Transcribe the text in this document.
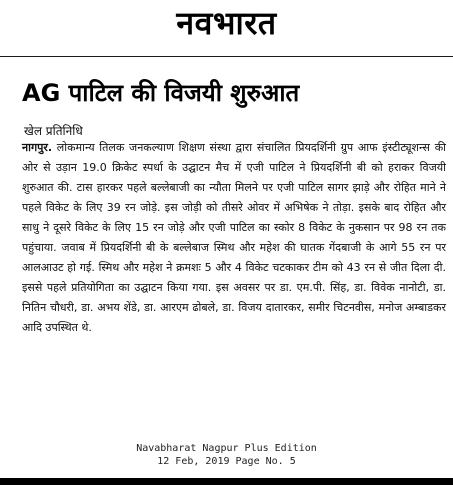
नवभारत
AG पाटिल की विजयी शुरुआत
खेल प्रतिनिधि
नागपुर. लोकमान्य तिलक जनकल्याण शिक्षण संस्था द्वारा संचालित प्रियदर्शिनी ग्रुप आफ इंस्टीट्यूशन्स की ओर से उड़ान 19.0 क्रिकेट स्पर्धा के उद्घाटन मैच में एजी पाटिल ने प्रियदर्शिनी बी को हराकर विजयी शुरुआत की. टास हारकर पहले बल्लेबाजी का न्यौता मिलने पर एजी पाटिल सागर झाड़े और रोहित माने ने पहले विकेट के लिए 39 रन जोड़े. इस जोड़ी को तीसरे ओवर में अभिषेक ने तोड़ा. इसके बाद रोहित और साधु ने दूसरे विकेट के लिए 15 रन जोड़े और एजी पाटिल का स्कोर 8 विकेट के नुकसान पर 98 रन तक पहुंचाया. जवाब में प्रियदर्शिनी बी के बल्लेबाज स्मिथ और महेश की घातक गेंदबाजी के आगे 55 रन पर आलआउट हो गई. स्मिथ और महेश ने क्रमशः 5 और 4 विकेट चटकाकर टीम को 43 रन से जीत दिला दी. इससे पहले प्रतियोगिता का उद्घाटन किया गया. इस अवसर पर डा. एम.पी. सिंह, डा. विवेक नानोटी, डा. नितिन चौधरी, डा. अभय शेंडे, डा. आरएम ढोबले, डा. विजय दातारकर, समीर चिटनवीस, मनोज अम्बाडकर आदि उपस्थित थे.
Navabharat Nagpur Plus Edition
12 Feb, 2019 Page No. 5
